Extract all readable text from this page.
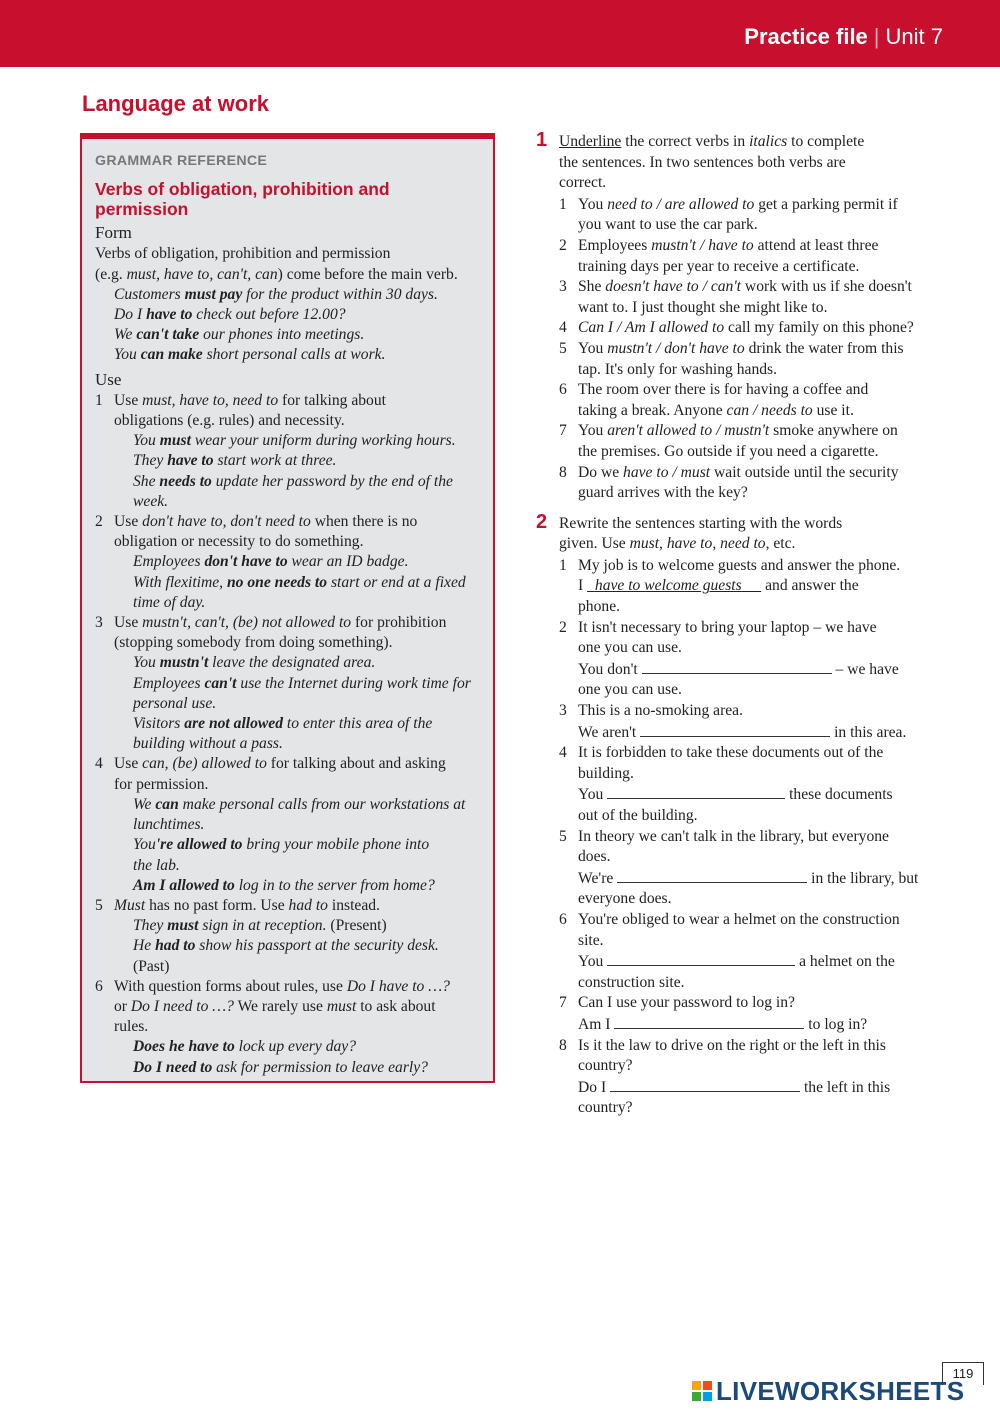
Practice file | Unit 7
Language at work
GRAMMAR REFERENCE
Verbs of obligation, prohibition and permission
Form

Verbs of obligation, prohibition and permission

(e.g. must, have to, can't, can) come before the main verb.

Customers must pay for the product within 30 days.
Do I have to check out before 12.00?
We can't take our phones into meetings.
You can make short personal calls at work.
Use
1 Use must, have to, need to for talking about
obligations (e.g. rules) and necessity.
You must wear your uniform during working hours.
They have to start work at three.
She needs to update her password by the end of the
week.
2 Use don't have to, don't need to when there is no
obligation or necessity to do something.
Employees don't have to wear an ID badge.
With flexitime, no one needs to start or end at a fixed
time of day.
3 Use mustn't, can't, (be) not allowed to for prohibition
(stopping somebody from doing something).
You mustn't leave the designated area.
Employees can't use the Internet during work time for
personal use.
Visitors are not allowed to enter this area of the
building without a pass.
4 Use can, (be) allowed to for talking about and asking
for permission.
We can make personal calls from our workstations at
lunchtimes.
You're allowed to bring your mobile phone into
the lab.
Am I allowed to log in to the server from home?
5 Must has no past form. Use had to instead.
They must sign in at reception. (Present)
He had to show his passport at the security desk.
(Past)
6 With question forms about rules, use Do I have to …?
or Do I need to …? We rarely use must to ask about
rules.
Does he have to lock up every day?
Do I need to ask for permission to leave early?
1 Underline the correct verbs in italics to complete
the sentences. In two sentences both verbs are
correct.
1 You need to / are allowed to get a parking permit if
you want to use the car park.
2 Employees mustn't / have to attend at least three
training days per year to receive a certificate.
3 She doesn't have to / can't work with us if she doesn't
want to. I just thought she might like to.
4 Can I / Am I allowed to call my family on this phone?
5 You mustn't / don't have to drink the water from this
tap. It's only for washing hands.
6 The room over there is for having a coffee and
taking a break. Anyone can / needs to use it.
7 You aren't allowed to / mustn't smoke anywhere on
the premises. Go outside if you need a cigarette.
8 Do we have to / must wait outside until the security
guard arrives with the key?
2 Rewrite the sentences starting with the words
given. Use must, have to, need to, etc.
1 My job is to welcome guests and answer the phone.
I   have to welcome guests      and answer the
phone.
2 It isn't necessary to bring your laptop – we have
one you can use.
You don't	– we have
one you can use.
3 This is a no-smoking area.
We aren't	in this area.
4 It is forbidden to take these documents out of the
building.
You	these documents
out of the building.
5 In theory we can't talk in the library, but everyone
does.
We're	in the library, but
everyone does.
6 You're obliged to wear a helmet on the construction
site.
You	a helmet on the
construction site.
7 Can I use your password to log in?
Am I	to log in?
8 Is it the law to drive on the right or the left in this
country?
Do I	the left in this
country?
119
LIVEWORKSHEETS
